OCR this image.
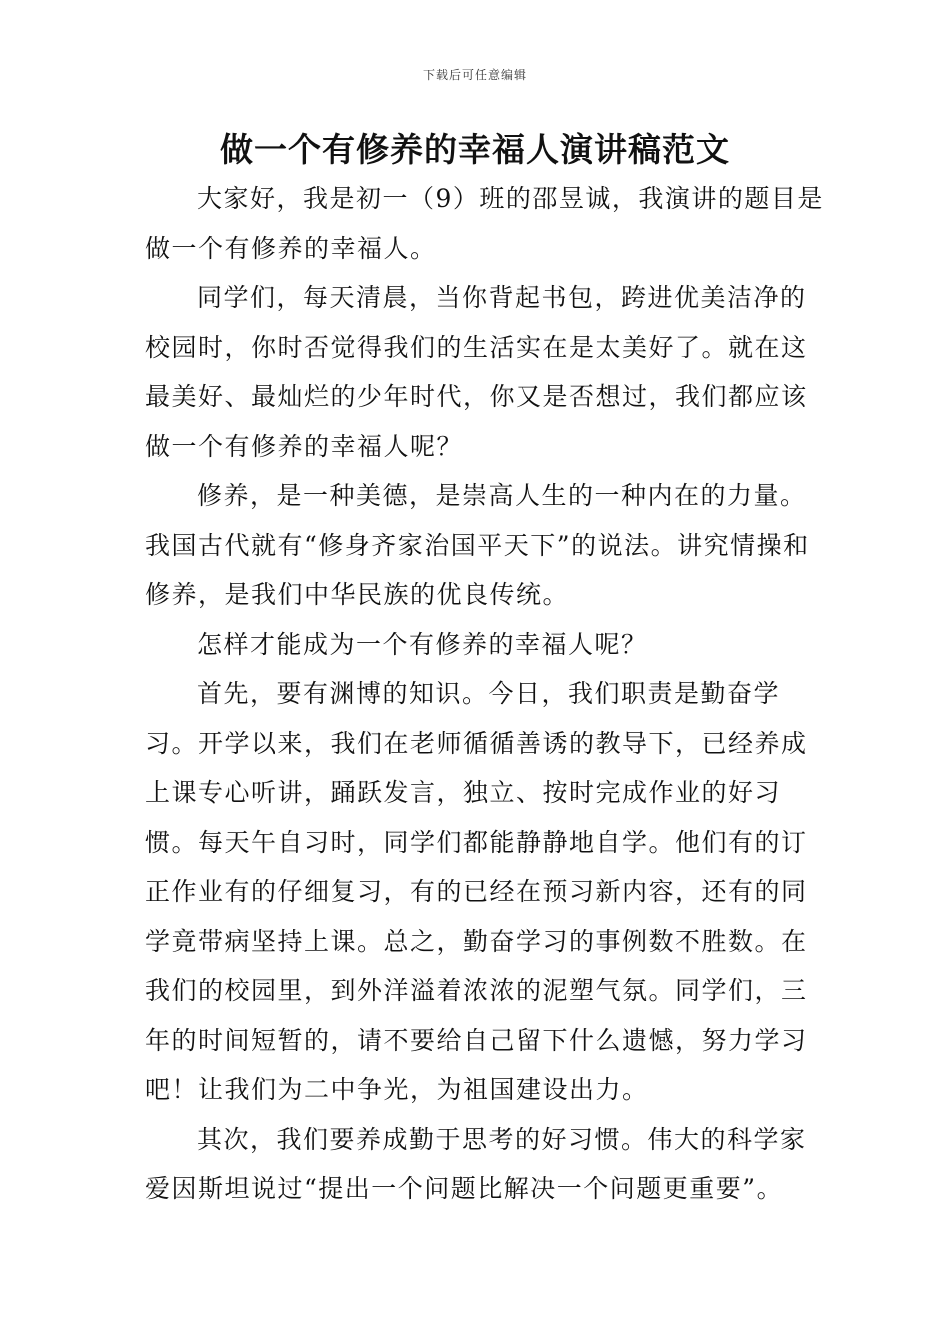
下载后可任意编辑
做一个有修养的幸福人演讲稿范文

大家好，我是初一（9）班的邵昱诚，我演讲的题目是做一个有修养的幸福人。

同学们，每天清晨，当你背起书包，跨进优美洁净的校园时，你时否觉得我们的生活实在是太美好了。就在这最美好、最灿烂的少年时代，你又是否想过，我们都应该做一个有修养的幸福人呢？

修养，是一种美德，是崇高人生的一种内在的力量。我国古代就有“修身齐家治国平天下”的说法。讲究情操和修养，是我们中华民族的优良传统。

怎样才能成为一个有修养的幸福人呢？

首先，要有渊博的知识。今日，我们职责是勤奋学习。开学以来，我们在老师循循善诱的教导下，已经养成上课专心听讲，踊跃发言，独立、按时完成作业的好习惯。每天午自习时，同学们都能静静地自学。他们有的订正作业有的仔细复习，有的已经在预习新内容，还有的同学竟带病坚持上课。总之，勤奋学习的事例数不胜数。在我们的校园里，到外洋溢着浓浓的泥塑气氛。同学们，三年的时间短暂的，请不要给自己留下什么遗憾，努力学习吧！让我们为二中争光，为祖国建设出力。

其次，我们要养成勤于思考的好习惯。伟大的科学家爱因斯坦说过“提出一个问题比解决一个问题更重要”。
